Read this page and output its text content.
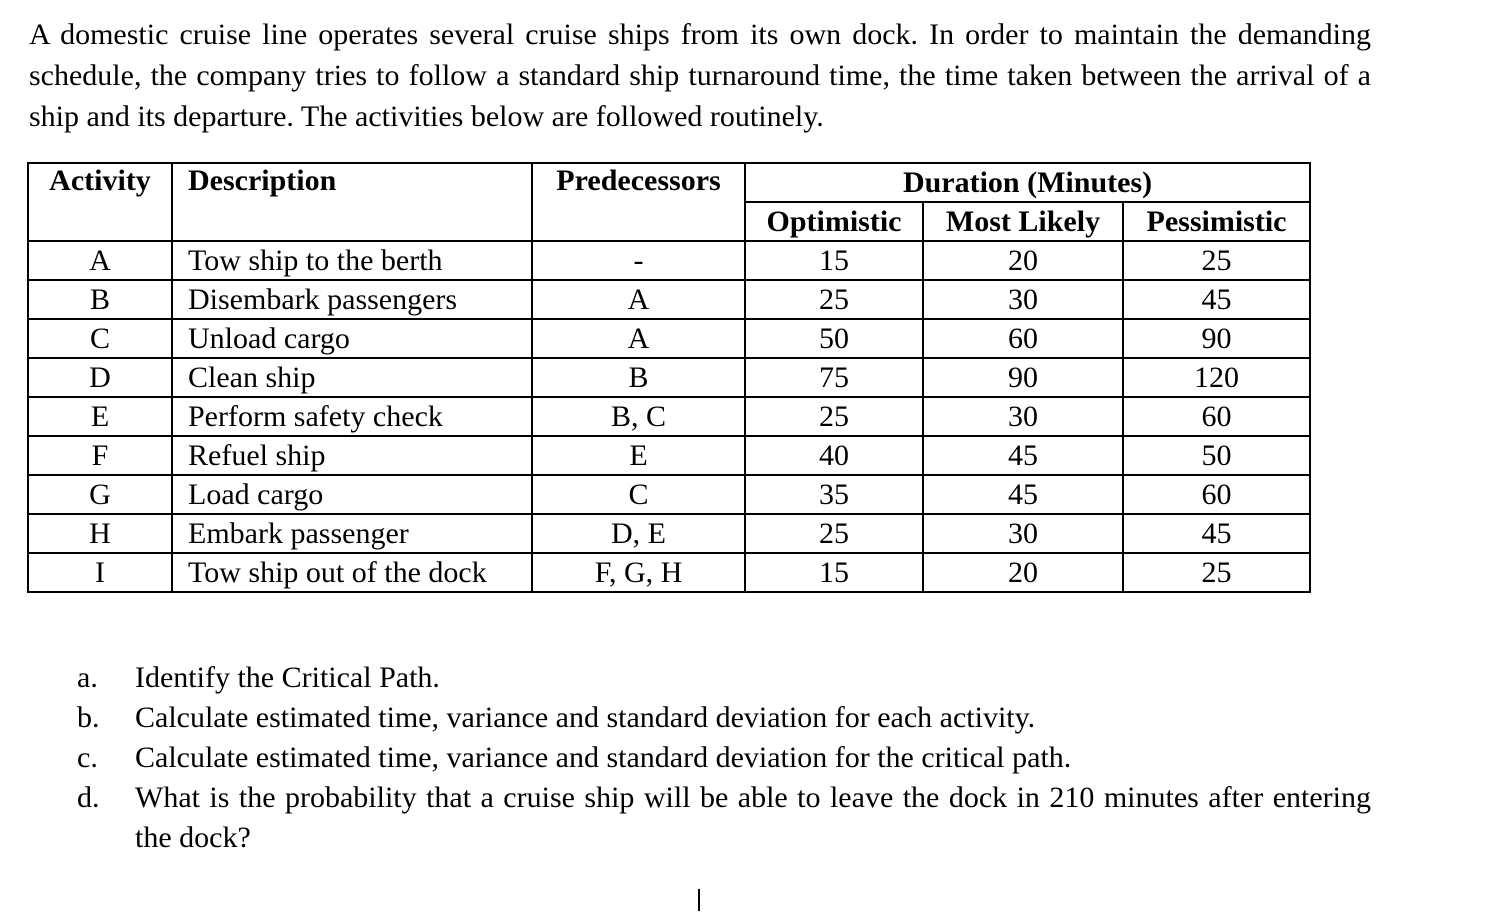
A domestic cruise line operates several cruise ships from its own dock. In order to maintain the demanding schedule, the company tries to follow a standard ship turnaround time, the time taken between the arrival of a ship and its departure. The activities below are followed routinely.
Activity	Description	Predecessors	Duration (Minutes)		
			Optimistic	Most Likely	Pessimistic
A	Tow ship to the berth	-	15	20	25
B	Disembark passengers	A	25	30	45
C	Unload cargo	A	50	60	90
D	Clean ship	B	75	90	120
E	Perform safety check	B, C	25	30	60
F	Refuel ship	E	40	45	50
G	Load cargo	C	35	45	60
H	Embark passenger	D, E	25	30	45
I	Tow ship out of the dock	F, G, H	15	20	25
a.	Identify the Critical Path.
b.	Calculate estimated time, variance and standard deviation for each activity.
c.	Calculate estimated time, variance and standard deviation for the critical path.
d.	What is the probability that a cruise ship will be able to leave the dock in 210 minutes after entering the dock?
